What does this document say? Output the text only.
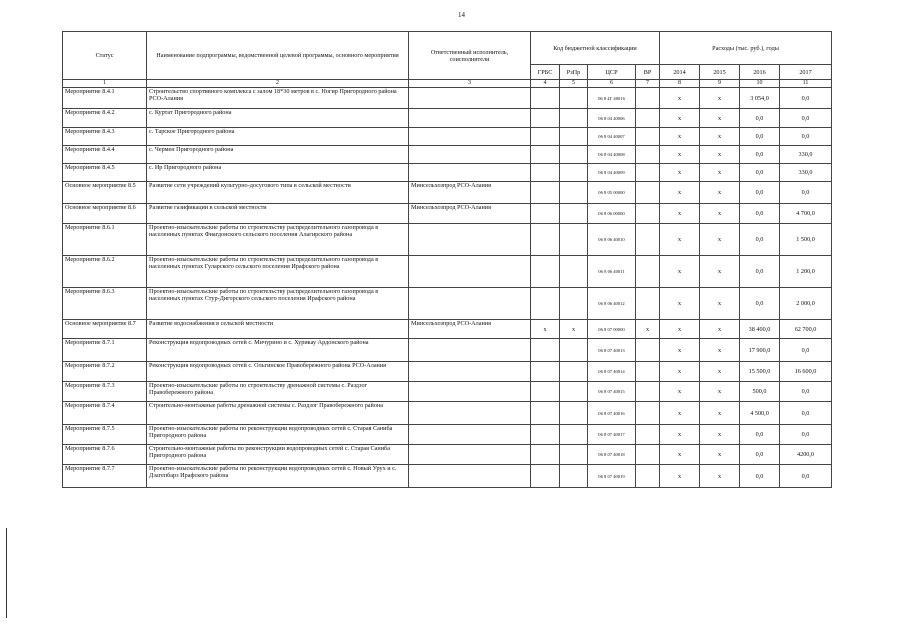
14
Статус	Наименование подпрограммы, ведомственной целевой программы, основного мероприятия	Ответственный исполнитель, соисполнители	Код бюджетной классификации				Расходы (тыс. руб.), годы			
			ГРБС	РзПр	ЦСР	ВР	2014	2015	2016	2017
1	2	3	4	5	6	7	8	9	10	11
Мероприятие 8.4.1	Строительство спортивного комплекса с залом 18*30 метров в с. Ногир Пригородного района РСО-Алания				06 8 4Г 40016		x	x	3 054,0	0,0
Мероприятие 8.4.2	с. Куртат Пригородного района				06 8 04 40006		x	x	0,0	0,0
Мероприятие 8.4.3	с. Тарское Пригородного района				06 8 04 40007		x	x	0,0	0,0
Мероприятие 8.4.4	с. Чермен Пригородного района				06 8 04 40008		x	x	0,0	330,0
Мероприятие 8.4.5	с. Ир Пригородного района				06 8 04 40009		x	x	0,0	330,0
Основное мероприятие 8.5	Развитие сети учреждений культурно-досугового типа в сельской местности	Минсельхозпрод РСО-Алания			06 8 05 00000		x	x	0,0	0,0
Основное мероприятие 8.6	Развитие газификации в сельской местности	Минсельхозпрод РСО-Алания			06 8 06 00000		x	x	0,0	4 700,0
Мероприятие 8.6.1	Проектно-изыскательские работы по строительству распределительного газопровода в населенных пунктах Фиагдонского сельского поселения Алагирского района				06 8 06 40010		x	x	0,0	1 500,0
Мероприятие 8.6.2	Проектно-изыскательские работы по строительству распределительного газопровода в населенных пунктах Гуларского сельского поселения Ирафского района				06 8 06 40011		x	x	0,0	1 200,0
Мероприятие 8.6.3	Проектно-изыскательские работы по строительству распределительного газопровода в населенных пунктах Стур-Дигорского сельского поселения Ирафского района				06 8 06 40012		x	x	0,0	2 000,0
Основное мероприятие 8.7	Развитие водоснабжения в сельской местности	Минсельхозпрод РСО-Алания	x	x	06 8 07 00000	x	x	x	38 400,0	62 700,0
Мероприятие 8.7.1	Реконструкция водопроводных сетей с. Мичурино и с. Хурикау Ардонского района				06 8 07 40013		x	x	17 900,0	0,0
Мероприятие 8.7.2	Реконструкция водопроводных сетей с. Ольгинское Правобережного района РСО-Алания				06 8 07 40014		x	x	15 500,0	16 600,0
Мероприятие 8.7.3	Проектно-изыскательские работы по строительству дренажной системы с. Раздзог Правобережного района				06 8 07 40015		x	x	500,0	0,0
Мероприятие 8.7.4	Строительно-монтажные работы дренажной системы с. Раздзог Правобережного района				06 8 07 40016		x	x	4 500,0	0,0
Мероприятие 8.7.5	Проектно-изыскательские работы по реконструкции водопроводных сетей с. Старая Саниба Пригородного района				06 8 07 40017		x	x	0,0	0,0
Мероприятие 8.7.6	Строительно-монтажные работы по реконструкции водопроводных сетей с. Старая Саниба Пригородного района				06 8 07 40018		x	x	0,0	4200,0
Мероприятие 8.7.7	Проектно-изыскательские работы по реконструкции водопроводных сетей с. Новый Урух и с. Дзагепбарз Ирафского района				06 8 07 40019		x	x	0,0	0,0
